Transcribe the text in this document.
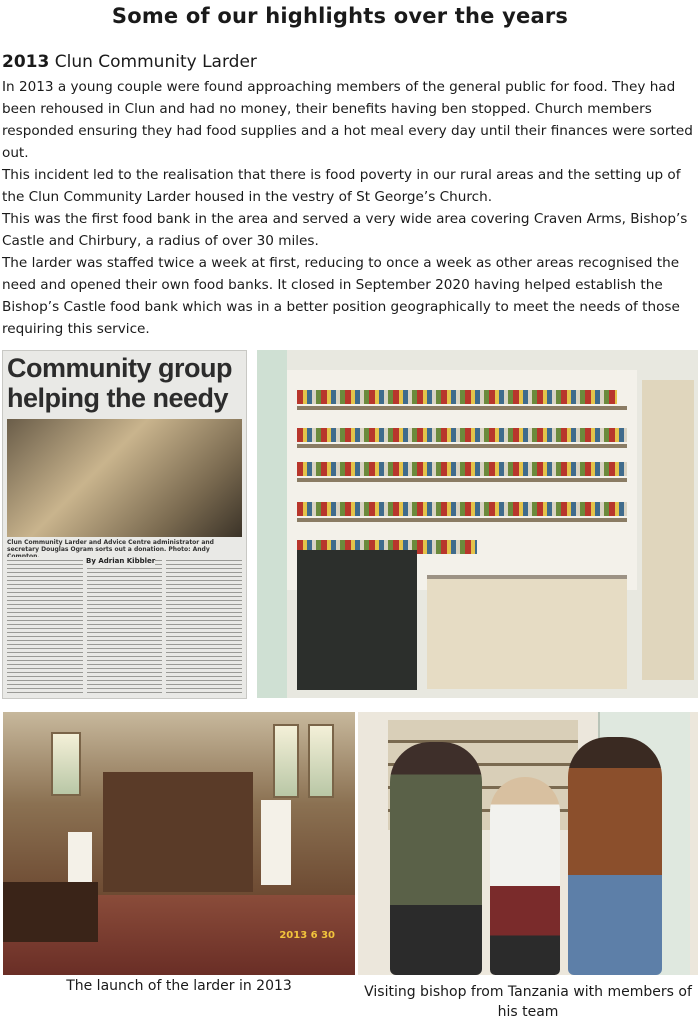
Some of our highlights over the years
2013 Clun Community Larder

In 2013 a young couple were found approaching members of the general public for food. They had been rehoused in Clun and had no money, their benefits having ben stopped. Church members responded ensuring they had food supplies and a hot meal every day until their finances were sorted out.

This incident led to the realisation that there is food poverty in our rural areas and the setting up of the Clun Community Larder housed in the vestry of St George’s Church.

This was the first food bank in the area and served a very wide area covering Craven Arms, Bishop’s Castle and Chirbury, a radius of over 30 miles.

The larder was staffed twice a week at first, reducing to once a week as other areas recognised the need and opened their own food banks. It closed in September 2020 having helped establish the Bishop’s Castle food bank which was in a better position geographically to meet the needs of those requiring this service.

Community group helping the needy
Clun Community Larder and Advice Centre administrator and secretary Douglas Ogram sorts out a donation. Photo: Andy
By Adrian Kibbler
2013 6 30
The launch of the larder in 2013	Visiting bishop from Tanzania with members of his team
